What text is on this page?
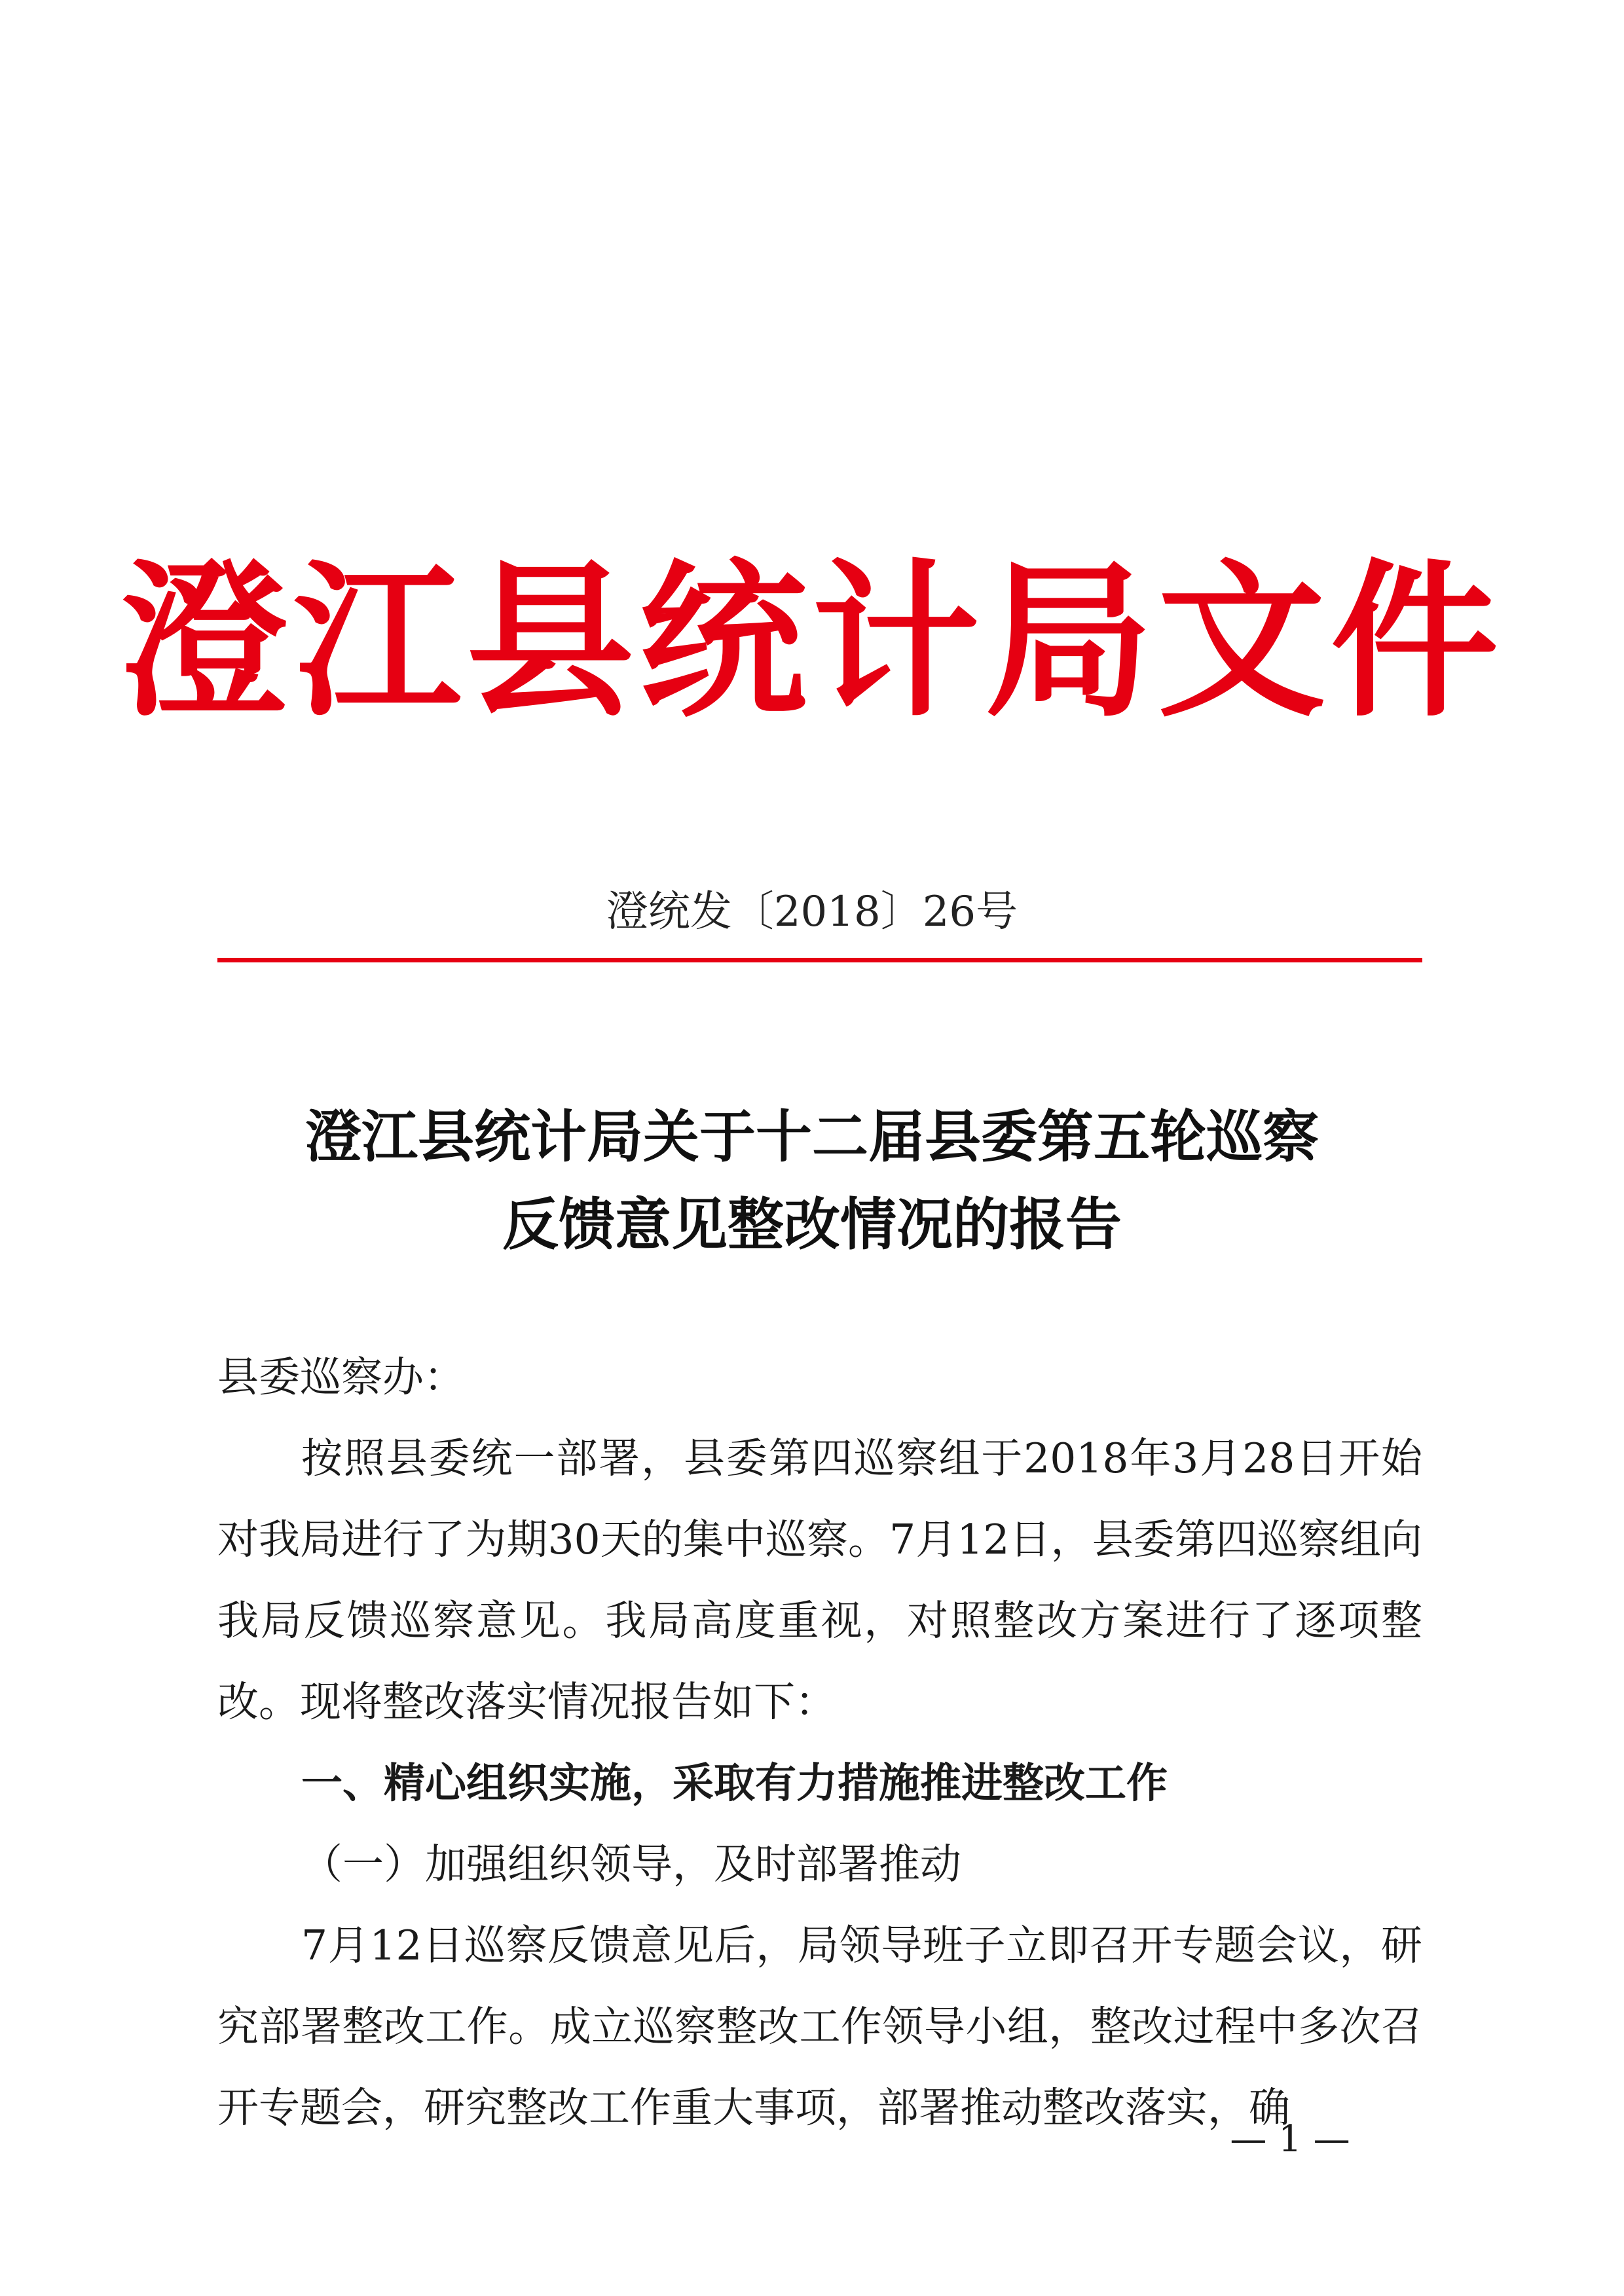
澄江县统计局文件
澄统发〔2018〕26号
澄江县统计局关于十二届县委第五轮巡察
反馈意见整改情况的报告

县委巡察办：

按照县委统一部署，县委第四巡察组于2018年3月28日开始对我局进行了为期30天的集中巡察。7月12日，县委第四巡察组向我局反馈巡察意见。我局高度重视，对照整改方案进行了逐项整改。现将整改落实情况报告如下：

一、精心组织实施，采取有力措施推进整改工作

（一）加强组织领导，及时部署推动

7月12日巡察反馈意见后，局领导班子立即召开专题会议，研究部署整改工作。成立巡察整改工作领导小组，整改过程中多次召开专题会，研究整改工作重大事项，部署推动整改落实，确

— 1 —
